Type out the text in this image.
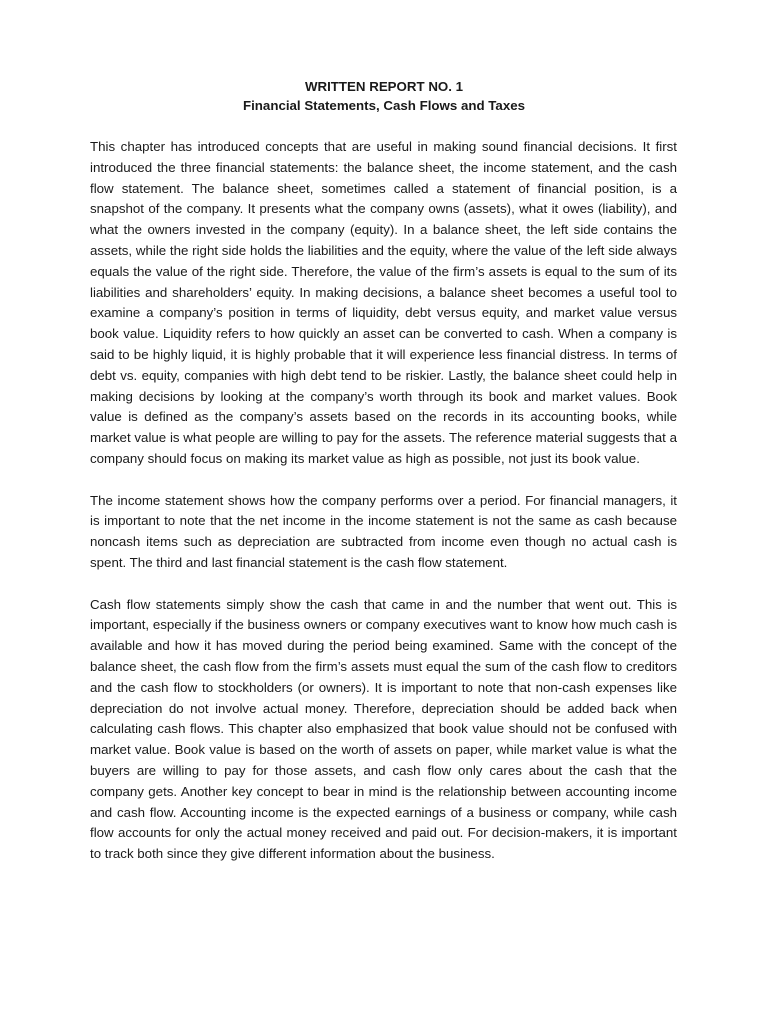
WRITTEN REPORT NO. 1
Financial Statements, Cash Flows and Taxes

This chapter has introduced concepts that are useful in making sound financial decisions. It first introduced the three financial statements: the balance sheet, the income statement, and the cash flow statement. The balance sheet, sometimes called a statement of financial position, is a snapshot of the company. It presents what the company owns (assets), what it owes (liability), and what the owners invested in the company (equity). In a balance sheet, the left side contains the assets, while the right side holds the liabilities and the equity, where the value of the left side always equals the value of the right side. Therefore, the value of the firm’s assets is equal to the sum of its liabilities and shareholders’ equity. In making decisions, a balance sheet becomes a useful tool to examine a company’s position in terms of liquidity, debt versus equity, and market value versus book value. Liquidity refers to how quickly an asset can be converted to cash. When a company is said to be highly liquid, it is highly probable that it will experience less financial distress. In terms of debt vs. equity, companies with high debt tend to be riskier. Lastly, the balance sheet could help in making decisions by looking at the company’s worth through its book and market values. Book value is defined as the company’s assets based on the records in its accounting books, while market value is what people are willing to pay for the assets. The reference material suggests that a company should focus on making its market value as high as possible, not just its book value.

The income statement shows how the company performs over a period. For financial managers, it is important to note that the net income in the income statement is not the same as cash because noncash items such as depreciation are subtracted from income even though no actual cash is spent. The third and last financial statement is the cash flow statement.

Cash flow statements simply show the cash that came in and the number that went out. This is important, especially if the business owners or company executives want to know how much cash is available and how it has moved during the period being examined. Same with the concept of the balance sheet, the cash flow from the firm’s assets must equal the sum of the cash flow to creditors and the cash flow to stockholders (or owners). It is important to note that non-cash expenses like depreciation do not involve actual money. Therefore, depreciation should be added back when calculating cash flows. This chapter also emphasized that book value should not be confused with market value. Book value is based on the worth of assets on paper, while market value is what the buyers are willing to pay for those assets, and cash flow only cares about the cash that the company gets. Another key concept to bear in mind is the relationship between accounting income and cash flow. Accounting income is the expected earnings of a business or company, while cash flow accounts for only the actual money received and paid out. For decision-makers, it is important to track both since they give different information about the business.
